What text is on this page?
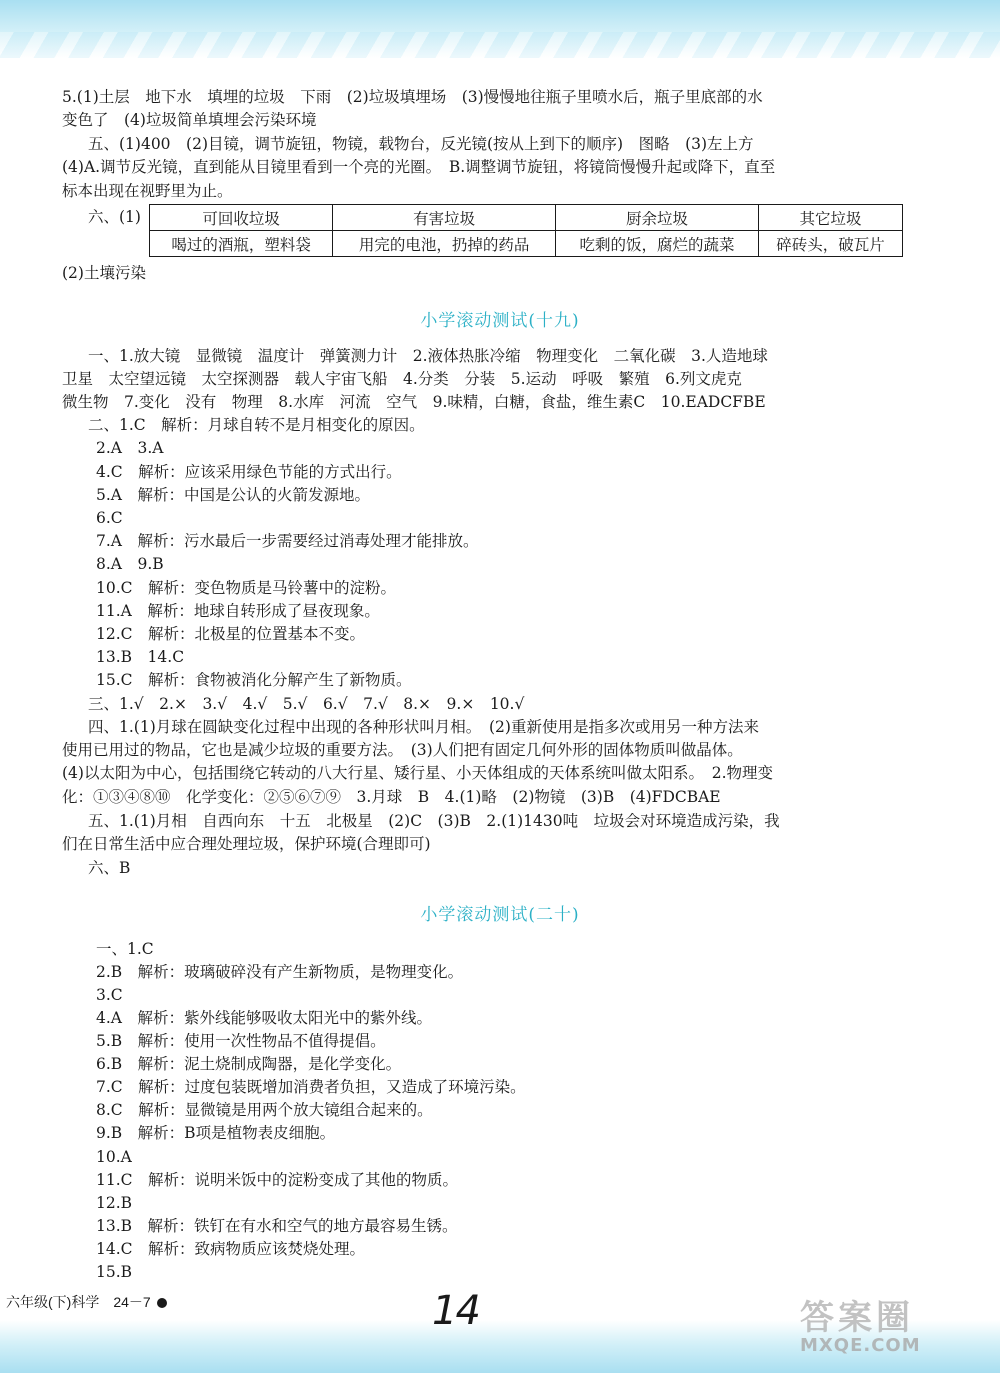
5.(1)土层　地下水　填埋的垃圾　下雨　(2)垃圾填埋场　(3)慢慢地往瓶子里喷水后，瓶子里底部的水
变色了　(4)垃圾简单填埋会污染环境
五、(1)400　(2)目镜，调节旋钮，物镜，载物台，反光镜(按从上到下的顺序)　图略　(3)左上方
(4)A.调节反光镜，直到能从目镜里看到一个亮的光圈。　B.调整调节旋钮，将镜筒慢慢升起或降下，直至
标本出现在视野里为止。
六、(1)	可回收垃圾	有害垃圾	厨余垃圾	其它垃圾
喝过的酒瓶，塑料袋	用完的电池，扔掉的药品	吃剩的饭，腐烂的蔬菜	碎砖头，破瓦片
(2)土壤污染
小学滚动测试(十九)
一、1.放大镜　显微镜　温度计　弹簧测力计　2.液体热胀冷缩　物理变化　二氧化碳　3.人造地球
卫星　太空望远镜　太空探测器　载人宇宙飞船　4.分类　分装　5.运动　呼吸　繁殖　6.列文虎克
微生物　7.变化　没有　物理　8.水库　河流　空气　9.味精，白糖，食盐，维生素C　10.EADCFBE
二、1.C　解析：月球自转不是月相变化的原因。
2.A　3.A
4.C　解析：应该采用绿色节能的方式出行。
5.A　解析：中国是公认的火箭发源地。
6.C
7.A　解析：污水最后一步需要经过消毒处理才能排放。
8.A　9.B
10.C　解析：变色物质是马铃薯中的淀粉。
11.A　解析：地球自转形成了昼夜现象。
12.C　解析：北极星的位置基本不变。
13.B　14.C
15.C　解析：食物被消化分解产生了新物质。
三、1.√　2.×　3.√　4.√　5.√　6.√　7.√　8.×　9.×　10.√
四、1.(1)月球在圆缺变化过程中出现的各种形状叫月相。　(2)重新使用是指多次或用另一种方法来
使用已用过的物品，它也是减少垃圾的重要方法。　(3)人们把有固定几何外形的固体物质叫做晶体。
(4)以太阳为中心，包括围绕它转动的八大行星、矮行星、小天体组成的天体系统叫做太阳系。　2.物理变
化：①③④⑧⑩　化学变化：②⑤⑥⑦⑨　3.月球　B　4.(1)略　(2)物镜　(3)B　(4)FDCBAE
五、1.(1)月相　自西向东　十五　北极星　(2)C　(3)B　2.(1)1430吨　垃圾会对环境造成污染，我
们在日常生活中应合理处理垃圾，保护环境(合理即可)
六、B
小学滚动测试(二十)
一、1.C
2.B　解析：玻璃破碎没有产生新物质，是物理变化。
3.C
4.A　解析：紫外线能够吸收太阳光中的紫外线。
5.B　解析：使用一次性物品不值得提倡。
6.B　解析：泥土烧制成陶器，是化学变化。
7.C　解析：过度包装既增加消费者负担，又造成了环境污染。
8.C　解析：显微镜是用两个放大镜组合起来的。
9.B　解析：B项是植物表皮细胞。
10.A
11.C　解析：说明米饭中的淀粉变成了其他的物质。
12.B
13.B　解析：铁钉在有水和空气的地方最容易生锈。
14.C　解析：致病物质应该焚烧处理。
15.B
六年级(下)科学　24－7	14	答案圈
MXQE.COM
